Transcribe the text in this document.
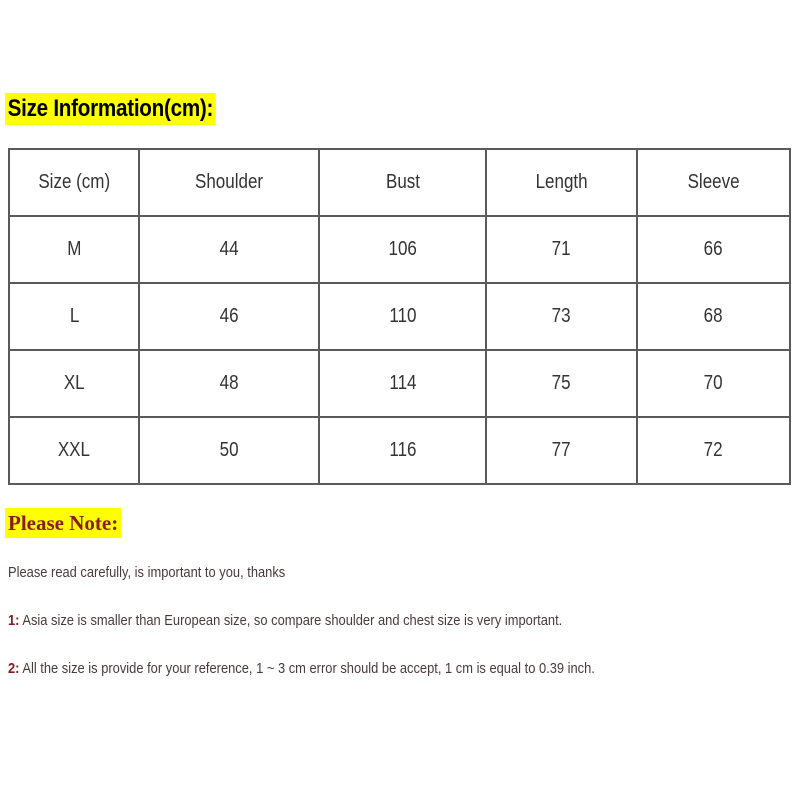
Size Information(cm):
Size (cm)	Shoulder	Bust	Length	Sleeve
M	44	106	71	66
L	46	110	73	68
XL	48	114	75	70
XXL	50	116	77	72
Please Note:
Please read carefully, is important to you, thanks
1: Asia size is smaller than European size, so compare shoulder and chest size is very important.
2: All the size is provide for your reference, 1 ~ 3 cm error should be accept, 1 cm is equal to 0.39 inch.
